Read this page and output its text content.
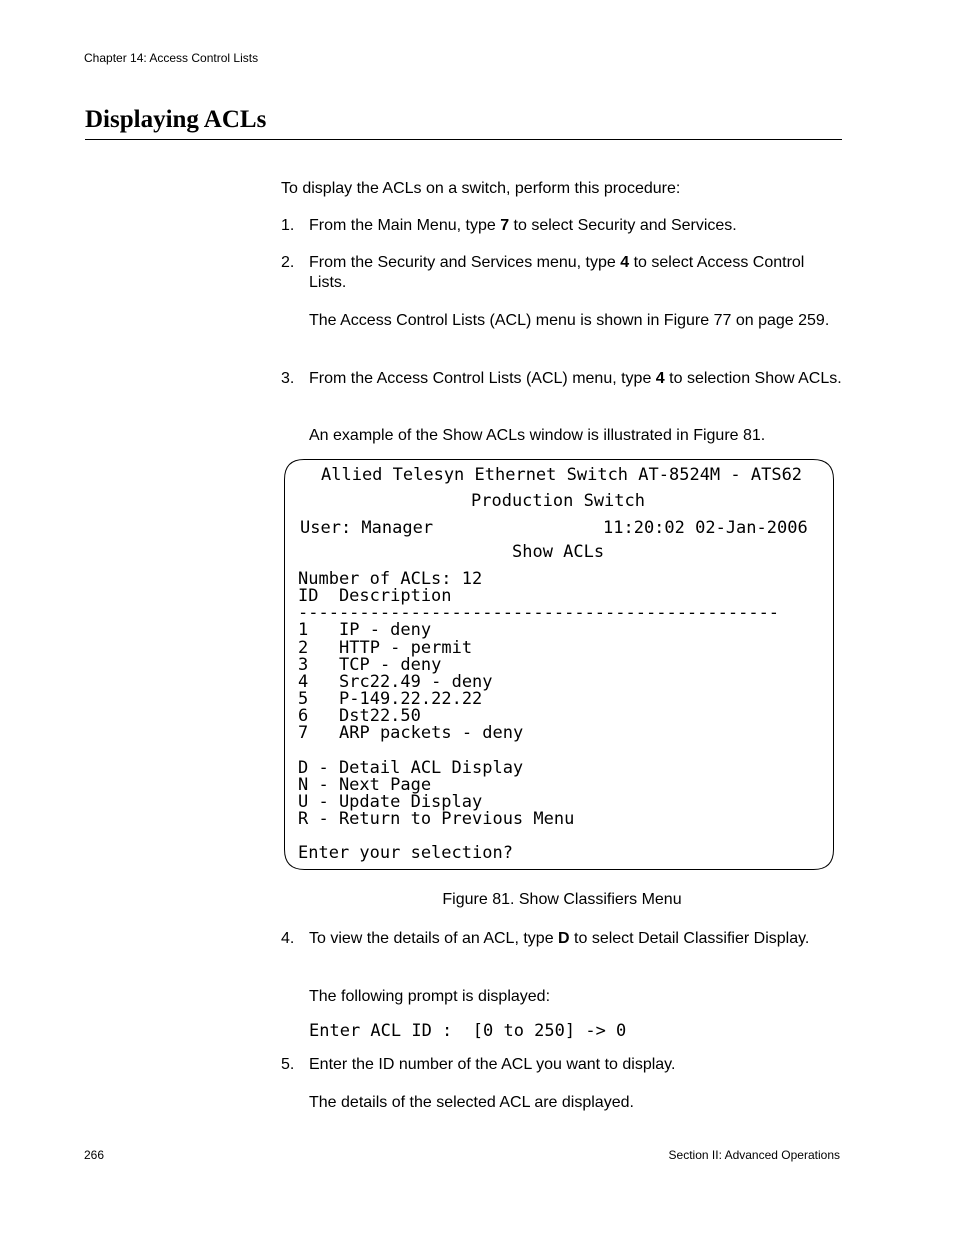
Chapter 14: Access Control Lists
Displaying ACLs
To display the ACLs on a switch, perform this procedure:
1. From the Main Menu, type 7 to select Security and Services.
2. From the Security and Services menu, type 4 to select Access Control Lists.
The Access Control Lists (ACL) menu is shown in Figure 77 on page 259.
3. From the Access Control Lists (ACL) menu, type 4 to selection Show ACLs.
An example of the Show ACLs window is illustrated in Figure 81.
Allied Telesyn Ethernet Switch AT-8524M - ATS62
Production Switch
User: Manager	11:20:02 02-Jan-2006
Show ACLs
Number of ACLs: 12
ID  Description
-----------------------------------------------
1 IP - deny
2 HTTP - permit
3 TCP - deny
4 Src22.49 - deny
5 P-149.22.22.22
6 Dst22.50
7 ARP packets - deny
D - Detail ACL Display
N - Next Page
U - Update Display
R - Return to Previous Menu
Enter your selection?
Figure 81. Show Classifiers Menu
4. To view the details of an ACL, type D to select Detail Classifier Display.
The following prompt is displayed:
Enter ACL ID :  [0 to 250] -> 0
5. Enter the ID number of the ACL you want to display.
The details of the selected ACL are displayed.
266	Section II: Advanced Operations
